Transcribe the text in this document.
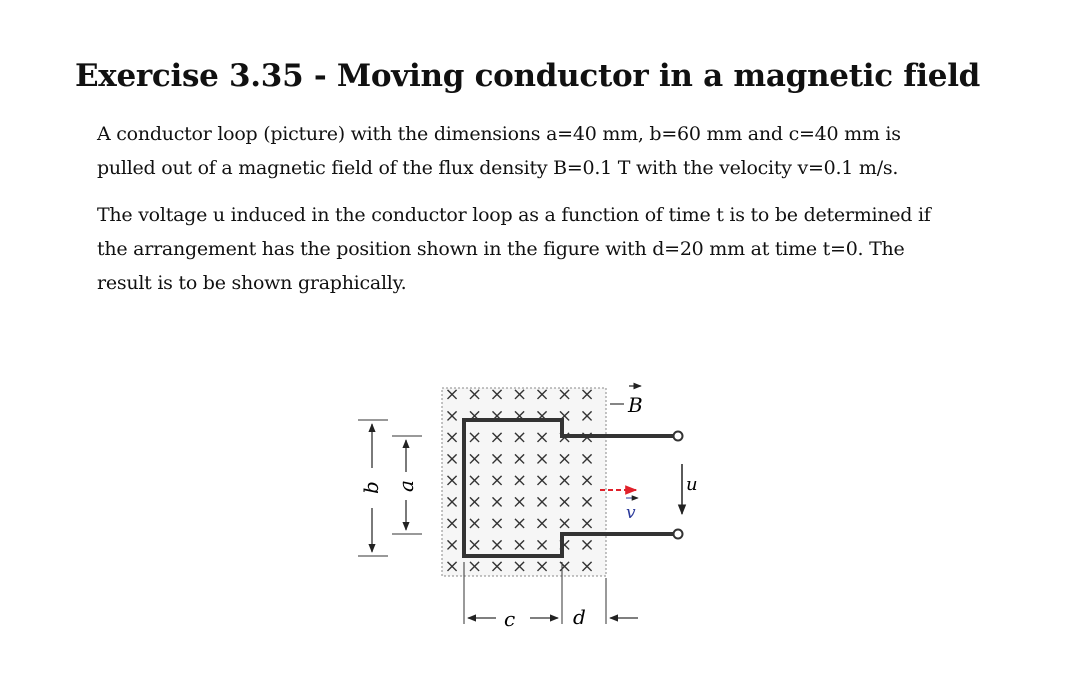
Exercise 3.35 - Moving conductor in a magnetic field

A conductor loop (picture) with the dimensions a=40 mm, b=60 mm and c=40 mm is
pulled out of a magnetic field of the flux density B=0.1 T with the velocity v=0.1 m/s.

The voltage u induced in the conductor loop as a function of time t is to be determined if
the arrangement has the position shown in the figure with d=20 mm at time t=0. The
result is to be shown graphically.

× × × × × × ×
× × × × × × ×
× × × × × × ×
× × × × × × ×
× × × × × × ×
× × × × × × ×
× × × × × × ×
× × × × × × ×
× × × × × × ×
B
u
v
b a
c	d
